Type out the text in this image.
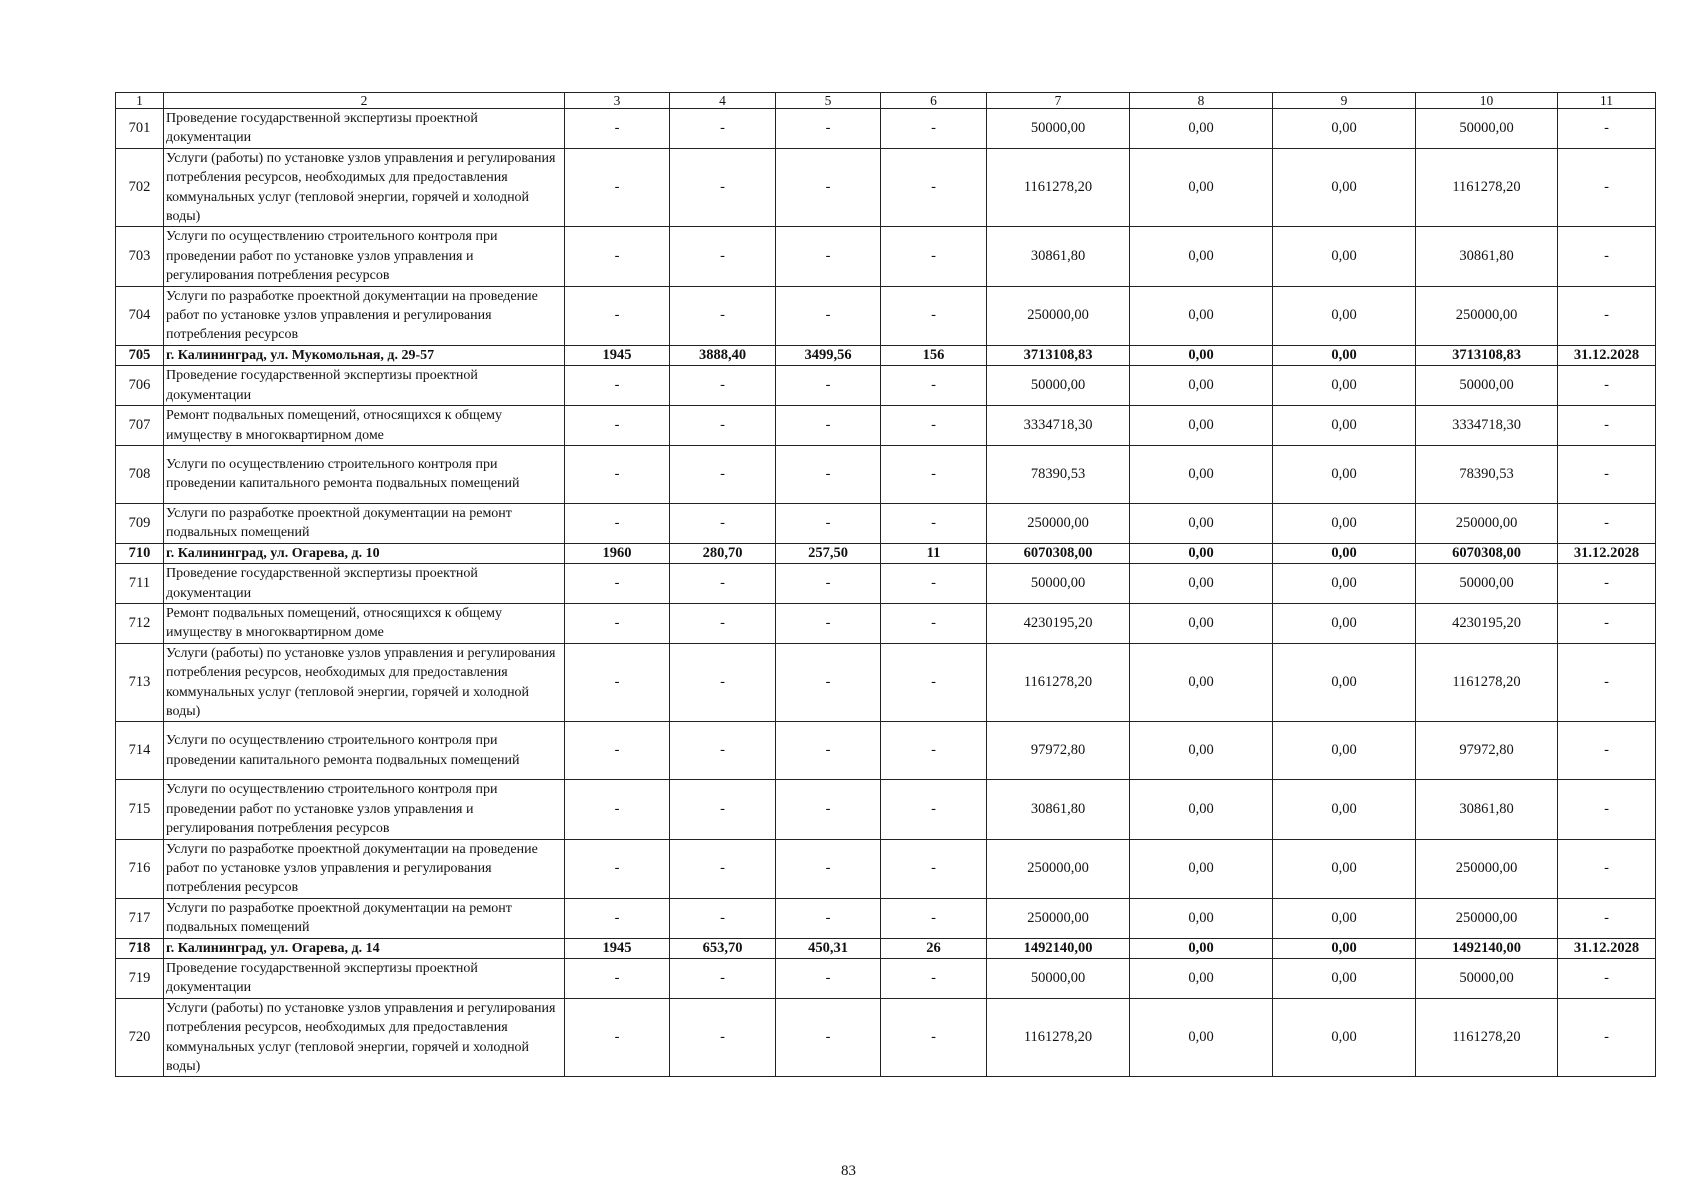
1	2	3	4	5	6	7	8	9	10	11
701	Проведение государственной экспертизы проектной документации	-	-	-	-	50000,00	0,00	0,00	50000,00	-
702	Услуги (работы) по установке узлов управления и регулирования потребления ресурсов, необходимых для предоставления коммунальных услуг (тепловой энергии, горячей и холодной воды)	-	-	-	-	1161278,20	0,00	0,00	1161278,20	-
703	Услуги по осуществлению строительного контроля при проведении работ по установке узлов управления и регулирования потребления ресурсов	-	-	-	-	30861,80	0,00	0,00	30861,80	-
704	Услуги по разработке проектной документации на проведение работ по установке узлов управления и регулирования потребления ресурсов	-	-	-	-	250000,00	0,00	0,00	250000,00	-
705	г. Калининград, ул. Мукомольная, д. 29-57	1945	3888,40	3499,56	156	3713108,83	0,00	0,00	3713108,83	31.12.2028
706	Проведение государственной экспертизы проектной документации	-	-	-	-	50000,00	0,00	0,00	50000,00	-
707	Ремонт подвальных помещений, относящихся к общему имуществу в многоквартирном доме	-	-	-	-	3334718,30	0,00	0,00	3334718,30	-
708	Услуги по осуществлению строительного контроля при проведении капитального ремонта подвальных помещений	-	-	-	-	78390,53	0,00	0,00	78390,53	-
709	Услуги по разработке проектной документации на ремонт подвальных помещений	-	-	-	-	250000,00	0,00	0,00	250000,00	-
710	г. Калининград, ул. Огарева, д. 10	1960	280,70	257,50	11	6070308,00	0,00	0,00	6070308,00	31.12.2028
711	Проведение государственной экспертизы проектной документации	-	-	-	-	50000,00	0,00	0,00	50000,00	-
712	Ремонт подвальных помещений, относящихся к общему имуществу в многоквартирном доме	-	-	-	-	4230195,20	0,00	0,00	4230195,20	-
713	Услуги (работы) по установке узлов управления и регулирования потребления ресурсов, необходимых для предоставления коммунальных услуг (тепловой энергии, горячей и холодной воды)	-	-	-	-	1161278,20	0,00	0,00	1161278,20	-
714	Услуги по осуществлению строительного контроля при проведении капитального ремонта подвальных помещений	-	-	-	-	97972,80	0,00	0,00	97972,80	-
715	Услуги по осуществлению строительного контроля при проведении работ по установке узлов управления и регулирования потребления ресурсов	-	-	-	-	30861,80	0,00	0,00	30861,80	-
716	Услуги по разработке проектной документации на проведение работ по установке узлов управления и регулирования потребления ресурсов	-	-	-	-	250000,00	0,00	0,00	250000,00	-
717	Услуги по разработке проектной документации на ремонт подвальных помещений	-	-	-	-	250000,00	0,00	0,00	250000,00	-
718	г. Калининград, ул. Огарева, д. 14	1945	653,70	450,31	26	1492140,00	0,00	0,00	1492140,00	31.12.2028
719	Проведение государственной экспертизы проектной документации	-	-	-	-	50000,00	0,00	0,00	50000,00	-
720	Услуги (работы) по установке узлов управления и регулирования потребления ресурсов, необходимых для предоставления коммунальных услуг (тепловой энергии, горячей и холодной воды)	-	-	-	-	1161278,20	0,00	0,00	1161278,20	-
83
